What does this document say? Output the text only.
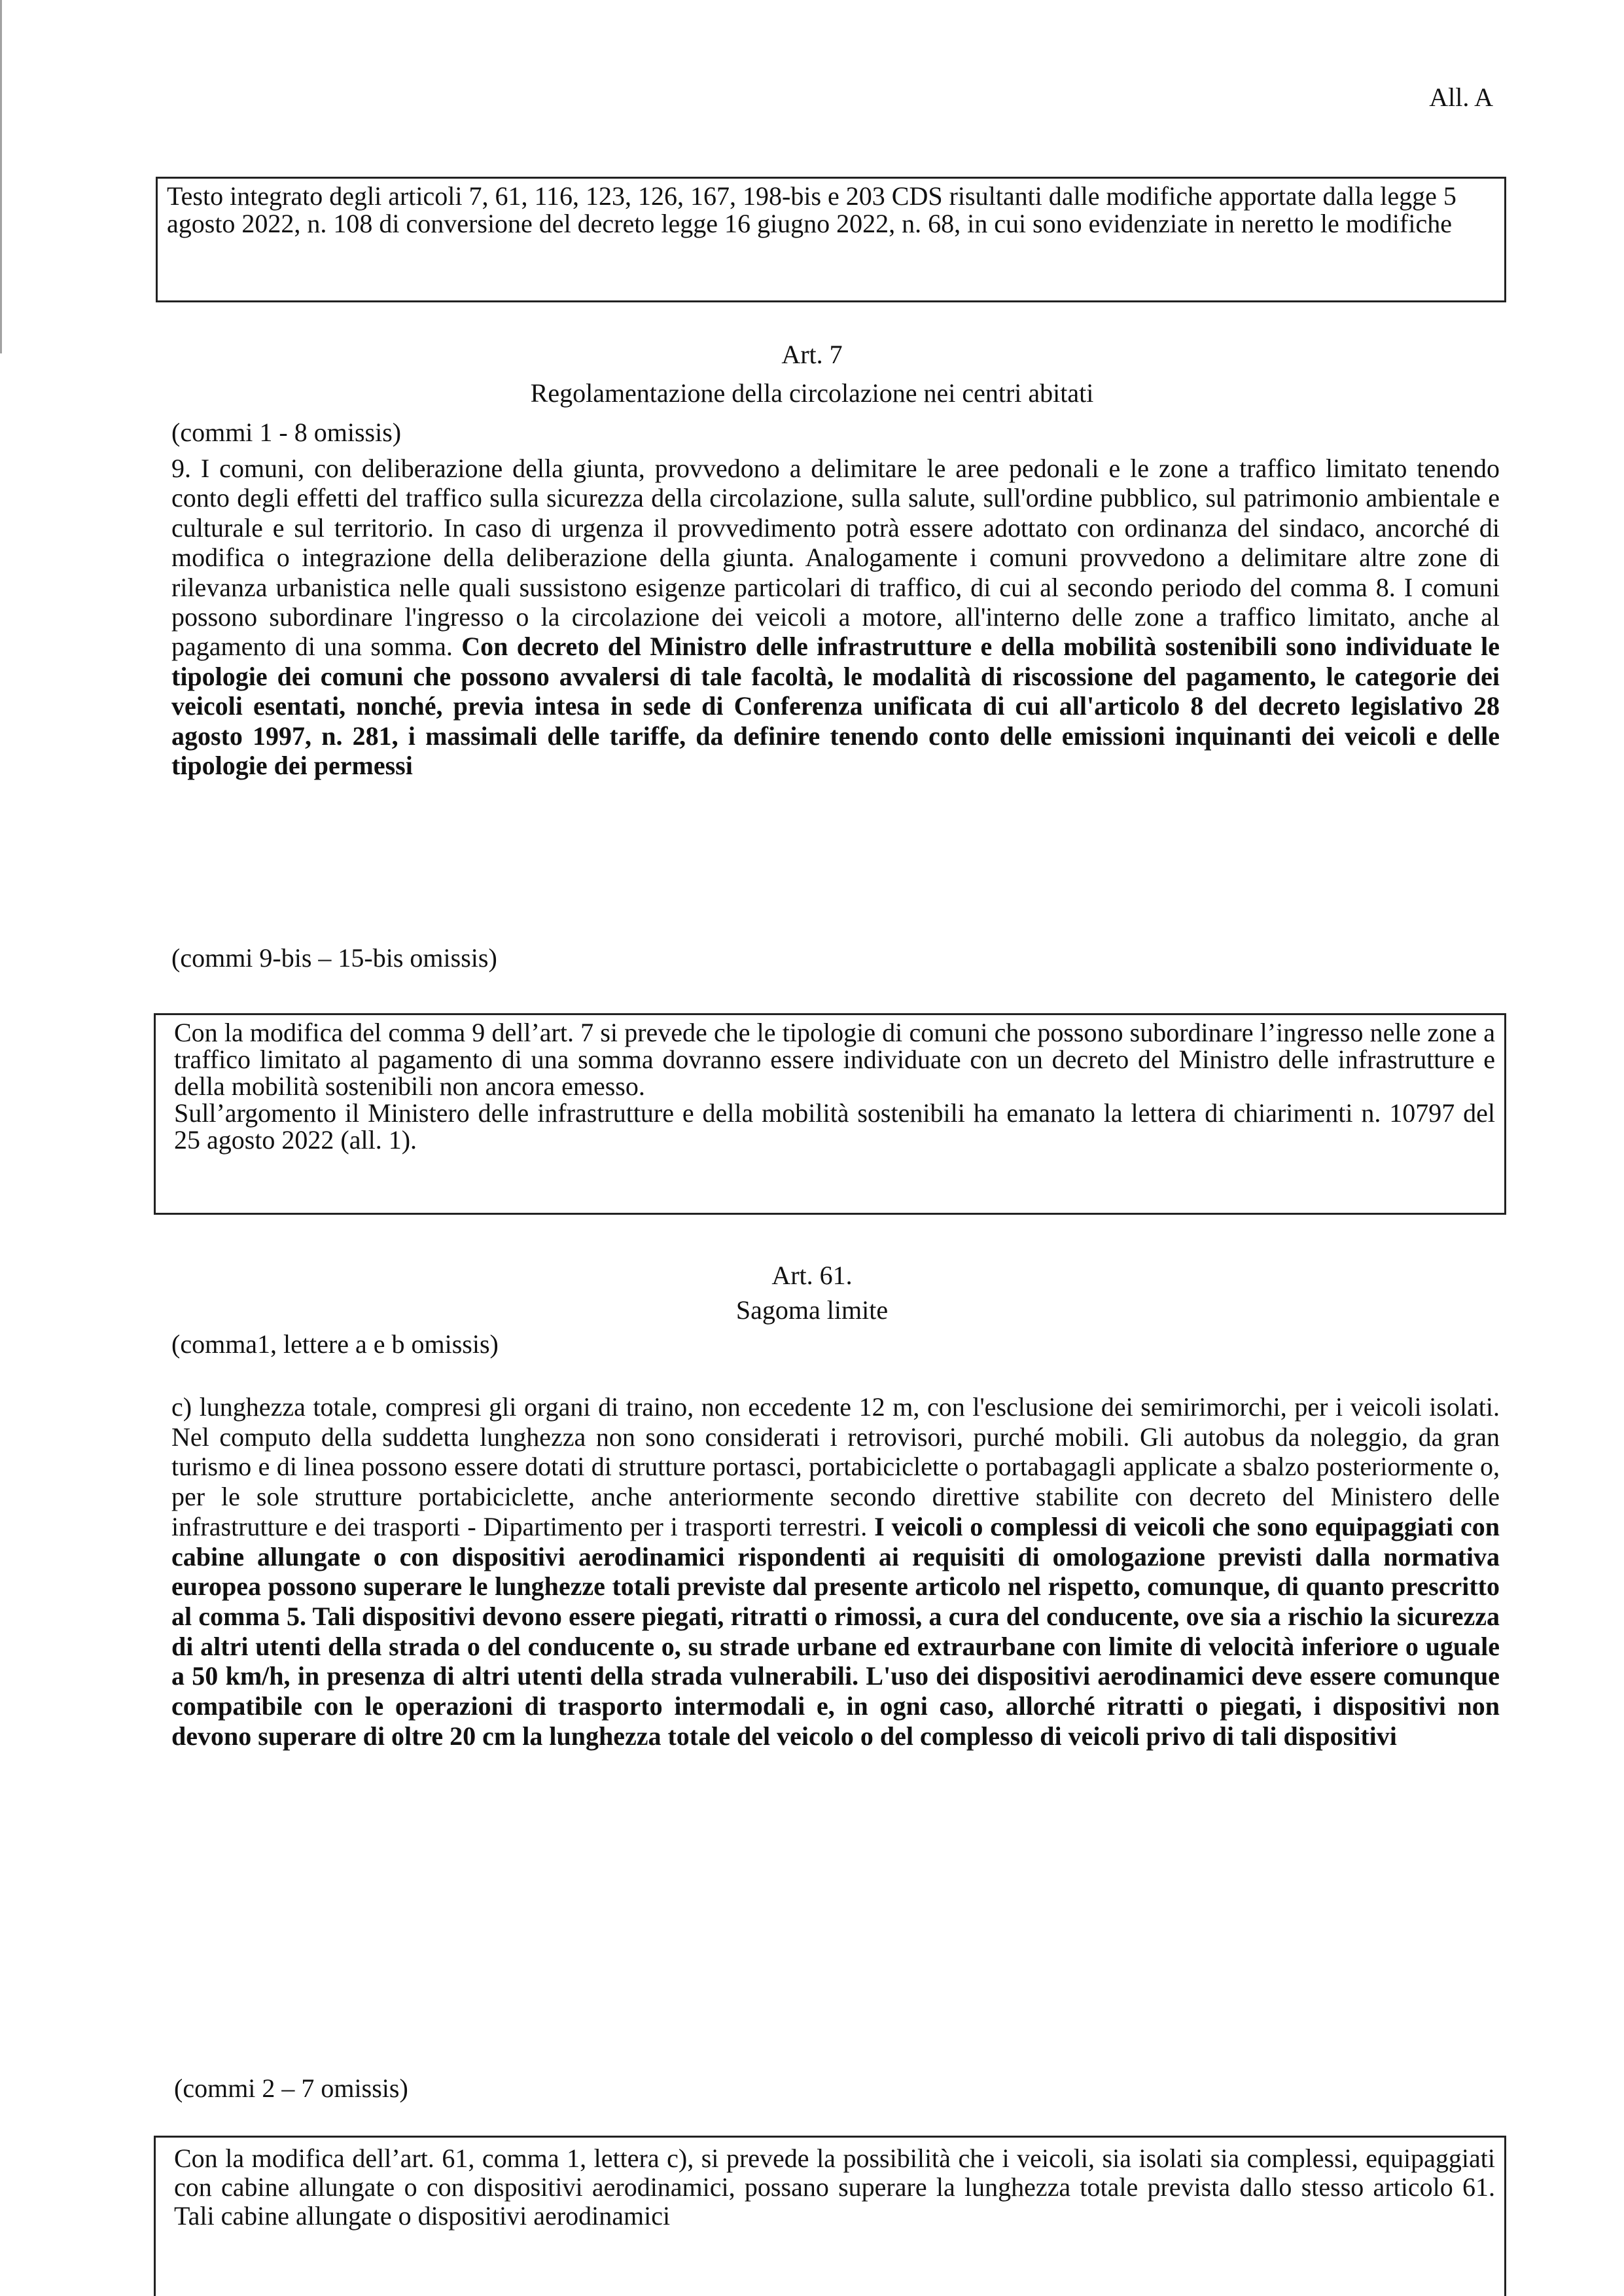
All. A

Testo integrato degli articoli 7, 61, 116, 123, 126, 167, 198-bis e 203 CDS risultanti dalle modifiche apportate dalla legge 5 agosto 2022, n. 108 di conversione del decreto legge 16 giugno 2022, n. 68, in cui sono evidenziate in neretto le modifiche

Art. 7
Regolamentazione della circolazione nei centri abitati
(commi 1 - 8 omissis)
9. I comuni, con deliberazione della giunta, provvedono a delimitare le aree pedonali e le zone a traffico limitato tenendo conto degli effetti del traffico sulla sicurezza della circolazione, sulla salute, sull'ordine pubblico, sul patrimonio ambientale e culturale e sul territorio. In caso di urgenza il provvedimento potrà essere adottato con ordinanza del sindaco, ancorché di modifica o integrazione della deliberazione della giunta. Analogamente i comuni provvedono a delimitare altre zone di rilevanza urbanistica nelle quali sussistono esigenze particolari di traffico, di cui al secondo periodo del comma 8. I comuni possono subordinare l'ingresso o la circolazione dei veicoli a motore, all'interno delle zone a traffico limitato, anche al pagamento di una somma. Con decreto del Ministro delle infrastrutture e della mobilità sostenibili sono individuate le tipologie dei comuni che possono avvalersi di tale facoltà, le modalità di riscossione del pagamento, le categorie dei veicoli esentati, nonché, previa intesa in sede di Conferenza unificata di cui all'articolo 8 del decreto legislativo 28 agosto 1997, n. 281, i massimali delle tariffe, da definire tenendo conto delle emissioni inquinanti dei veicoli e delle tipologie dei permessi
(commi 9-bis – 15-bis omissis)

Con la modifica del comma 9 dell’art. 7 si prevede che le tipologie di comuni che possono subordinare l’ingresso nelle zone a traffico limitato al pagamento di una somma dovranno essere individuate con un decreto del Ministro delle infrastrutture e della mobilità sostenibili non ancora emesso.

Sull’argomento il Ministero delle infrastrutture e della mobilità sostenibili ha emanato la lettera di chiarimenti n. 10797 del 25 agosto 2022 (all. 1).

Art. 61.
Sagoma limite
(comma1, lettere a e b omissis)
c) lunghezza totale, compresi gli organi di traino, non eccedente 12 m, con l'esclusione dei semirimorchi, per i veicoli isolati. Nel computo della suddetta lunghezza non sono considerati i retrovisori, purché mobili. Gli autobus da noleggio, da gran turismo e di linea possono essere dotati di strutture portasci, portabiciclette o portabagagli applicate a sbalzo posteriormente o, per le sole strutture portabiciclette, anche anteriormente secondo direttive stabilite con decreto del Ministero delle infrastrutture e dei trasporti - Dipartimento per i trasporti terrestri. I veicoli o complessi di veicoli che sono equipaggiati con cabine allungate o con dispositivi aerodinamici rispondenti ai requisiti di omologazione previsti dalla normativa europea possono superare le lunghezze totali previste dal presente articolo nel rispetto, comunque, di quanto prescritto al comma 5. Tali dispositivi devono essere piegati, ritratti o rimossi, a cura del conducente, ove sia a rischio la sicurezza di altri utenti della strada o del conducente o, su strade urbane ed extraurbane con limite di velocità inferiore o uguale a 50 km/h, in presenza di altri utenti della strada vulnerabili. L'uso dei dispositivi aerodinamici deve essere comunque compatibile con le operazioni di trasporto intermodali e, in ogni caso, allorché ritratti o piegati, i dispositivi non devono superare di oltre 20 cm la lunghezza totale del veicolo o del complesso di veicoli privo di tali dispositivi
(commi 2 – 7 omissis)

Con la modifica dell’art. 61, comma 1, lettera c), si prevede la possibilità che i veicoli, sia isolati sia complessi, equipaggiati con cabine allungate o con dispositivi aerodinamici, possano superare la lunghezza totale prevista dallo stesso articolo 61. Tali cabine allungate o dispositivi aerodinamici
